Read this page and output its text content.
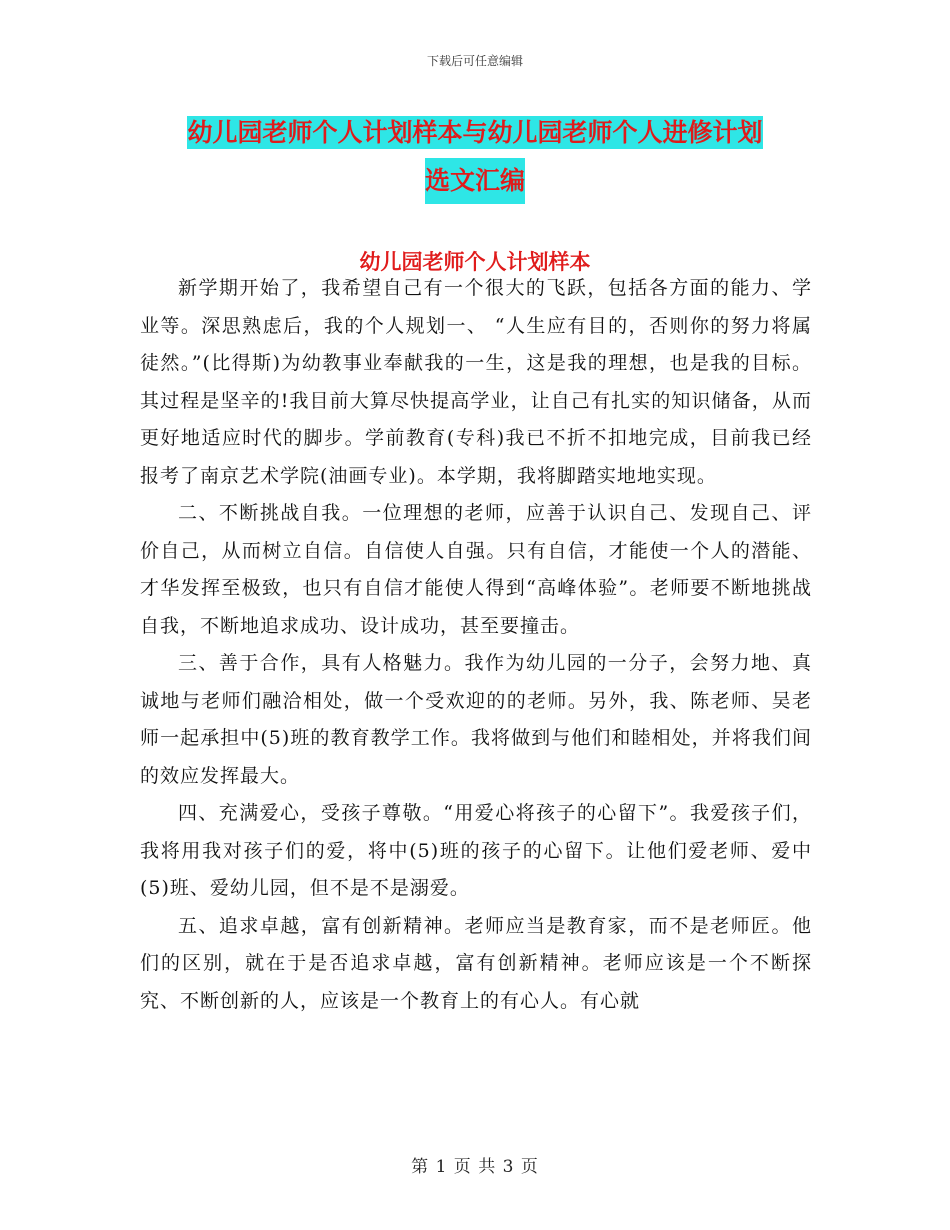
下载后可任意编辑
幼儿园老师个人计划样本与幼儿园老师个人进修计划
选文汇编
幼儿园老师个人计划样本

新学期开始了，我希望自己有一个很大的飞跃，包括各方面的能力、学业等。深思熟虑后，我的个人规划一、 “人生应有目的，否则你的努力将属徒然。”(比得斯)为幼教事业奉献我的一生，这是我的理想，也是我的目标。其过程是坚辛的!我目前大算尽快提高学业，让自己有扎实的知识储备，从而更好地适应时代的脚步。学前教育(专科)我已不折不扣地完成，目前我已经报考了南京艺术学院(油画专业)。本学期，我将脚踏实地地实现。

二、不断挑战自我。一位理想的老师，应善于认识自己、发现自己、评价自己，从而树立自信。自信使人自强。只有自信，才能使一个人的潜能、才华发挥至极致，也只有自信才能使人得到“高峰体验”。老师要不断地挑战自我，不断地追求成功、设计成功，甚至要撞击。

三、善于合作，具有人格魅力。我作为幼儿园的一分子，会努力地、真诚地与老师们融洽相处，做一个受欢迎的的老师。另外，我、陈老师、吴老师一起承担中(5)班的教育教学工作。我将做到与他们和睦相处，并将我们间的效应发挥最大。

四、充满爱心，受孩子尊敬。“用爱心将孩子的心留下”。我爱孩子们，我将用我对孩子们的爱，将中(5)班的孩子的心留下。让他们爱老师、爱中(5)班、爱幼儿园，但不是不是溺爱。

五、追求卓越，富有创新精神。老师应当是教育家，而不是老师匠。他们的区别，就在于是否追求卓越，富有创新精神。老师应该是一个不断探究、不断创新的人，应该是一个教育上的有心人。有心就

第 1 页 共 3 页
